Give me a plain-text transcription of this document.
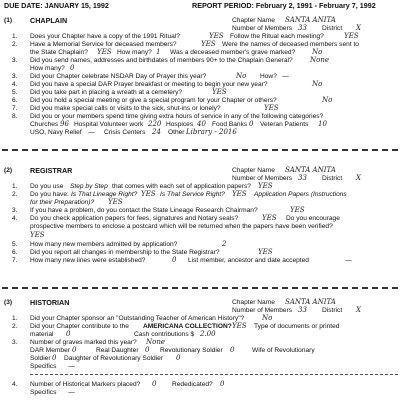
DUE DATE: JANUARY 15, 1992	REPORT PERIOD: February 2, 1991 - February 7, 1992
(1) CHAPLAIN	Chapter Name SANTA ANITA
Number of Members 33 District X
1. Does your Chapter have a copy of the 1991 Ritual?	YES Follow the Ritual each meeting?	YES
2. Have a Memorial Service for deceased members?	YES Were the names of deceased members sent to
the State Chaplain? YES How many? 1 Was a deceased member's grave marked? No
3. Did you send names, addresses and birthdates of members 90+ to the Chaplain General? None
How many? 0
3. Did your Chapter celebrate NSDAR Day of Prayer this year?	No How? —
4. Did you have a special DAR Prayer breakfast or meeting to begin your new year?	No
5. Did you take part in placing a wreath at a cemetery?	YES
6. Did you hold a special meeting or give a special program for your Chapter or others?	No
7. Did you make special calls or visits to the sick, shut-ins or lonely?	YES
8. Did you or your members spend time giving extra hours of service in any of the following categories?
Churches 96 Hospital Volunteer work 220 Hospices 40 Food Banks 0 Veteran Patients 10
USO, Navy Relief — Crisis Centers 24 Other Library - 2016
(2) REGISTRAR	Chapter Name SANTA ANITA
Number of Members 33 District X
1. Do you use Step by Step that comes with each set of application papers? YES
2. Do you have: Is That Lineage Right? YES Is That Service Right? YES Application Papers (Instructions
for their Preparation)? YES
3. If you have a problem, do you contact the State Lineage Research Chairman?	YES
4. Do you check application papers for fees, signatures and Notary seals?	YES Do you encourage
prospective members to enclose a postcard which will be returned when the papers have been verified?
YES
5. How many new members admitted by application?	2
6. Did you report all changes in membership to the State Registrar?	YES
7. How many new lines were established?	0 List member, ancestor and date accepted	—
(3) HISTORIAN	Chapter Name SANTA ANITA
Number of Members 33 District X
1. Did your Chapter sponsor an "Outstanding Teacher of American History"?	No
2. Did your Chapter contribute to the AMERICANA COLLECTION? YES Type of documents or printed
material 0	Cash contributions $ 2.00
3. Number of graves marked this year? None
DAR Member 0	Real Daughter 0 Revolutionary Soldier 0	Wife of Revolutionary
Soldier 0 Daughter of Revolutionary Soldier 0
Specifics —
4. Number of Historical Markers placed? 0 Rededicated? 0
Specifics —
